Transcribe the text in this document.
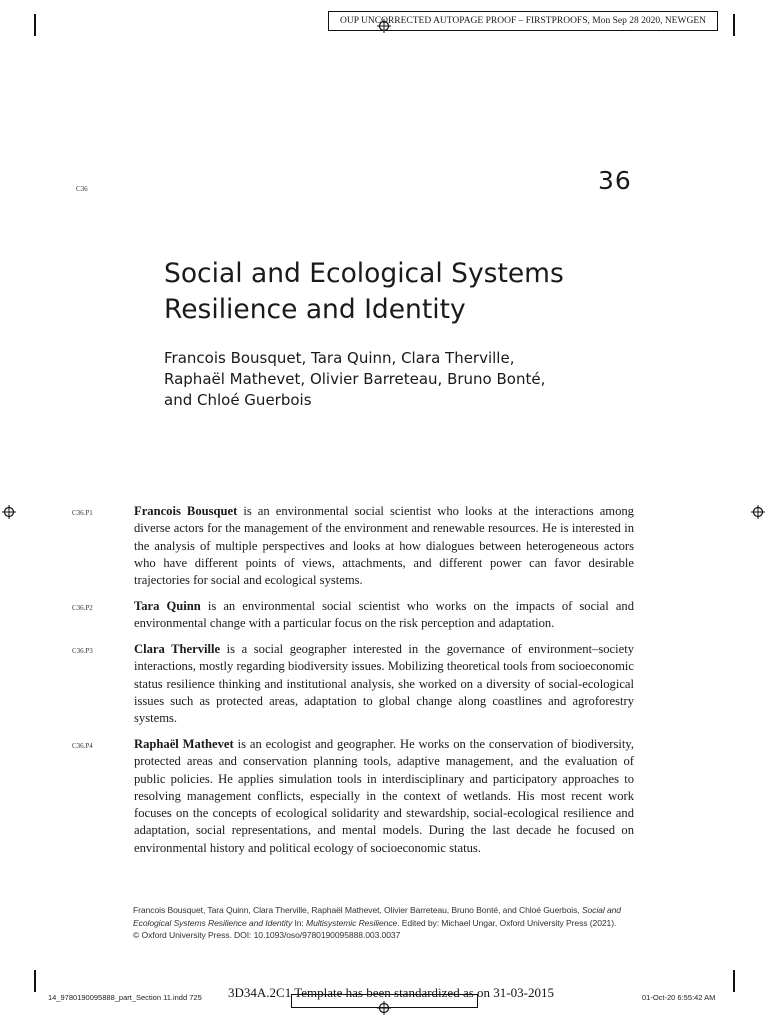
OUP UNCORRECTED AUTOPAGE PROOF – FIRSTPROOFS, Mon Sep 28 2020, NEWGEN
C36	36
Social and Ecological Systems
Resilience and Identity
Francois Bousquet, Tara Quinn, Clara Therville,
Raphaël Mathevet, Olivier Barreteau, Bruno Bonté,
and Chloé Guerbois
C36.P1	Francois Bousquet is an environmental social scientist who looks at the interactions among diverse actors for the management of the environment and renewable resources. He is interested in the analysis of multiple perspectives and looks at how dialogues between heterogeneous actors who have different points of views, attachments, and different power can favor desirable trajectories for social and ecological systems.
C36.P2	Tara Quinn is an environmental social scientist who works on the impacts of social and environmental change with a particular focus on the risk perception and adaptation.
C36.P3	Clara Therville is a social geographer interested in the governance of environment–society interactions, mostly regarding biodiversity issues. Mobilizing theoretical tools from socioeconomic status resilience thinking and institutional analysis, she worked on a diversity of social-ecological issues such as protected areas, adaptation to global change along coastlines and agroforestry systems.
C36.P4	Raphaël Mathevet is an ecologist and geographer. He works on the conservation of biodiversity, protected areas and conservation planning tools, adaptive management, and the evaluation of public policies. He applies simulation tools in interdisciplinary and participatory approaches to resolving management conflicts, especially in the context of wetlands. His most recent work focuses on the concepts of ecological solidarity and stewardship, social-ecological resilience and adaptation, social representations, and mental models. During the last decade he focused on environmental history and political ecology of socioeconomic status.
Francois Bousquet, Tara Quinn, Clara Therville, Raphaël Mathevet, Olivier Barreteau, Bruno Bonté, and Chloé Guerbois, Social and Ecological Systems Resilience and Identity In: Multisystemic Resilience. Edited by: Michael Ungar, Oxford University Press (2021).
© Oxford University Press. DOI: 10.1093/oso/9780190095888.003.0037
14_9780190095888_part_Section 11.indd 725 3D34A.2C1 Template has been standardized as on 31-03-2015	01-Oct-20 6:55:42 AM
